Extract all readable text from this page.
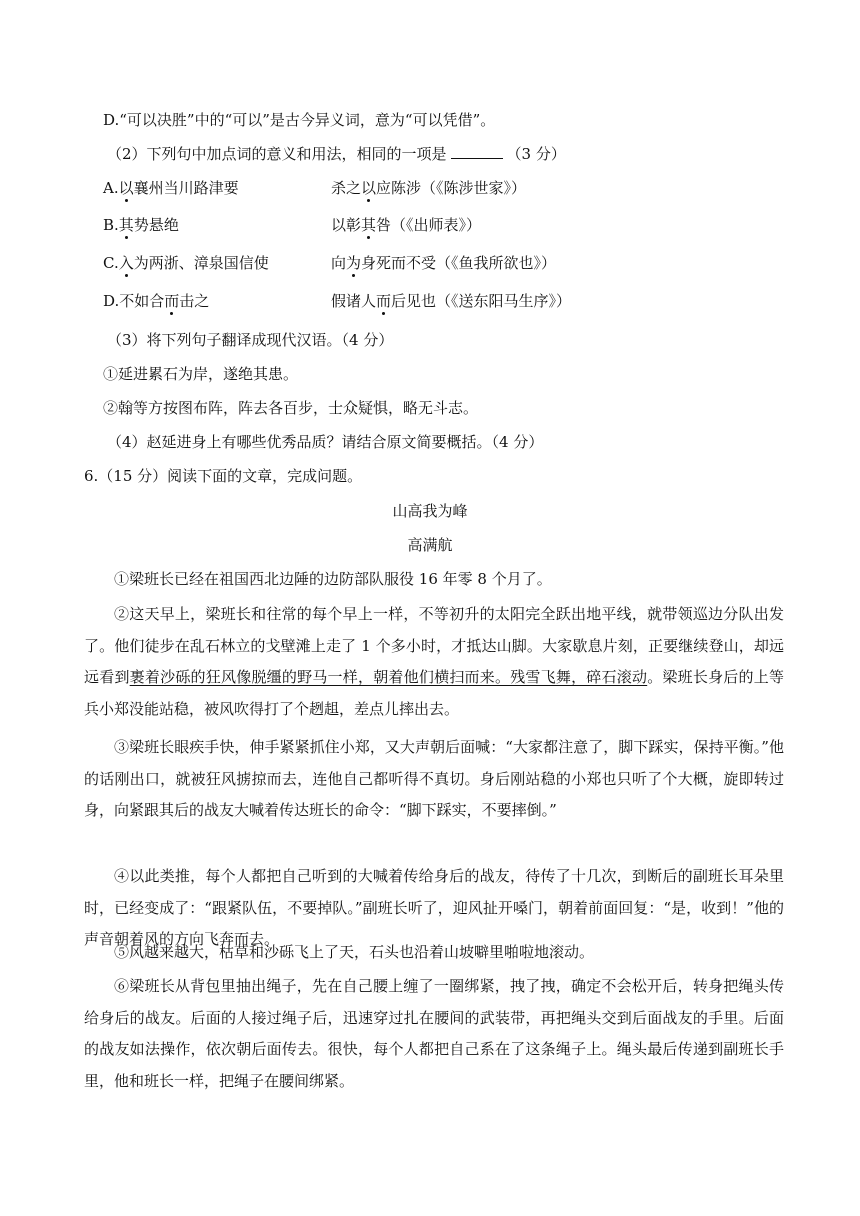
D.“可以决胜”中的“可以”是古今异义词，意为“可以凭借”。
（2）下列句中加点词的意义和用法，相同的一项是	（3 分）
A.以襄州当川路津要	杀之以应陈涉（《陈涉世家》）
B.其势悬绝	以彰其咎（《出师表》）
C.入为两浙、漳泉国信使	向为身死而不受（《鱼我所欲也》）
D.不如合而击之	假诸人而后见也（《送东阳马生序》）
（3）将下列句子翻译成现代汉语。（4 分）
①延进累石为岸，遂绝其患。
②翰等方按图布阵，阵去各百步，士众疑惧，略无斗志。
（4）赵延进身上有哪些优秀品质？请结合原文简要概括。（4 分）
6.（15 分）阅读下面的文章，完成问题。
山高我为峰
高满航
①梁班长已经在祖国西北边陲的边防部队服役 16 年零 8 个月了。
②这天早上，梁班长和往常的每个早上一样，不等初升的太阳完全跃出地平线，就带领巡边分队出发了。他们徒步在乱石林立的戈壁滩上走了 1 个多小时，才抵达山脚。大家歇息片刻，正要继续登山，却远远看到裹着沙砾的狂风像脱缰的野马一样，朝着他们横扫而来。残雪飞舞，碎石滚动。梁班长身后的上等兵小郑没能站稳，被风吹得打了个趔趄，差点儿摔出去。
③梁班长眼疾手快，伸手紧紧抓住小郑，又大声朝后面喊：“大家都注意了，脚下踩实，保持平衡。”他的话刚出口，就被狂风掳掠而去，连他自己都听得不真切。身后刚站稳的小郑也只听了个大概，旋即转过身，向紧跟其后的战友大喊着传达班长的命令：“脚下踩实，不要摔倒。”
④以此类推，每个人都把自己听到的大喊着传给身后的战友，待传了十几次，到断后的副班长耳朵里时，已经变成了：“跟紧队伍，不要掉队。”副班长听了，迎风扯开嗓门，朝着前面回复：“是，收到！”他的声音朝着风的方向飞奔而去。
⑤风越来越大，枯草和沙砾飞上了天，石头也沿着山坡噼里啪啦地滚动。
⑥梁班长从背包里抽出绳子，先在自己腰上缠了一圈绑紧，拽了拽，确定不会松开后，转身把绳头传给身后的战友。后面的人接过绳子后，迅速穿过扎在腰间的武装带，再把绳头交到后面战友的手里。后面的战友如法操作，依次朝后面传去。很快，每个人都把自己系在了这条绳子上。绳头最后传递到副班长手里，他和班长一样，把绳子在腰间绑紧。
